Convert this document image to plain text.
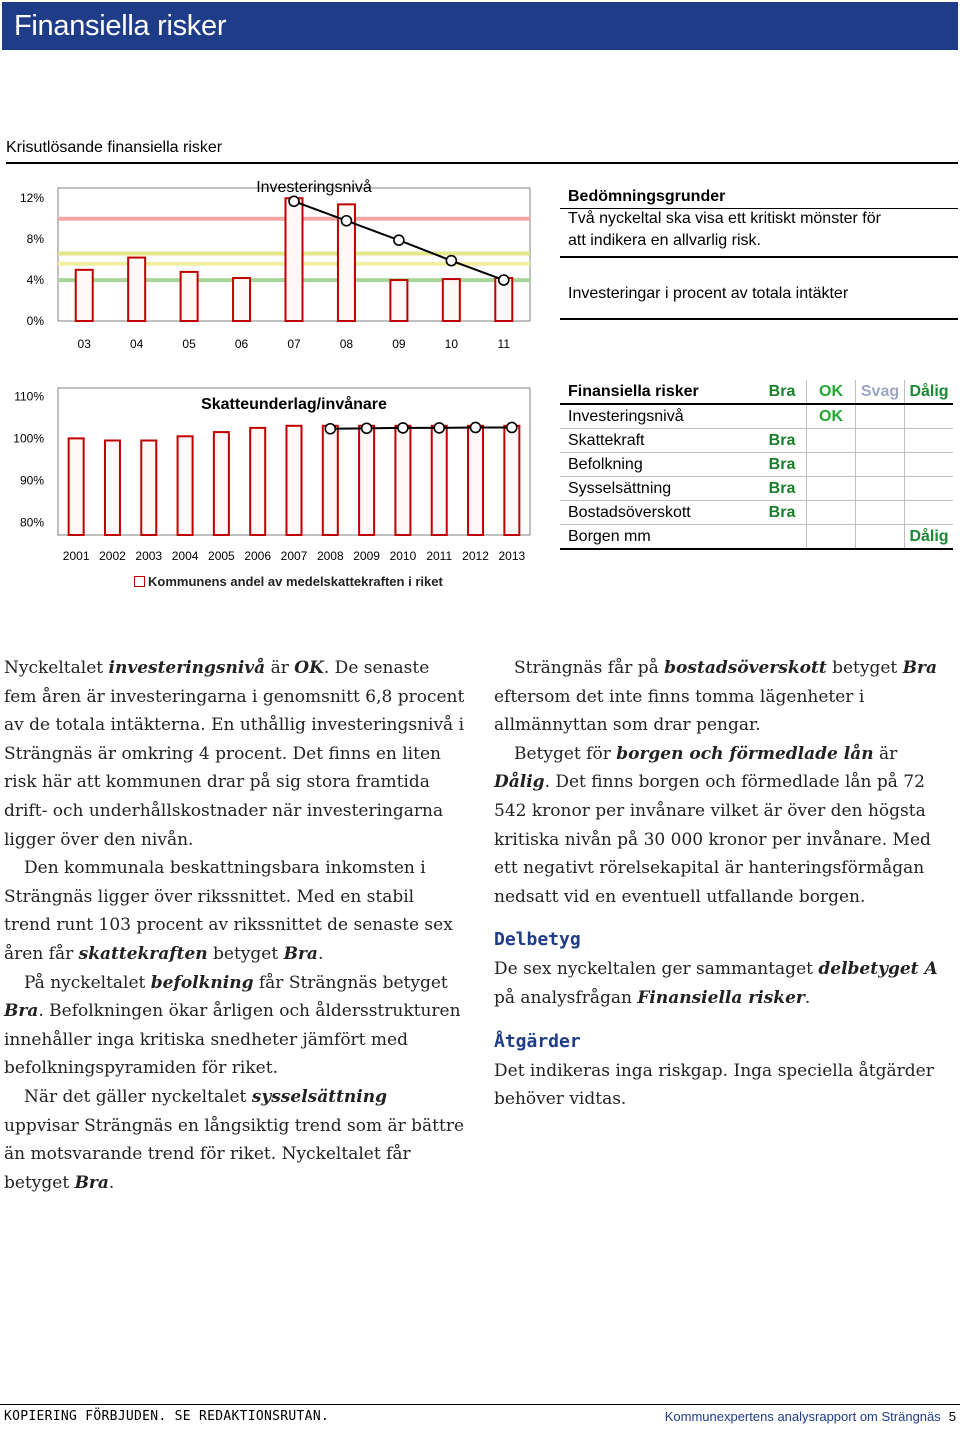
Finansiella risker
Krisutlösande finansiella risker
12%
8%
4%
0%
03	04	05	06	07	08	09	10	11
Investeringsnivå
Bedömningsgrunder
Två nyckeltal ska visa ett kritiskt mönster för
att indikera en allvarlig risk.
Investeringar i procent av totala intäkter
110%
100%
90%
80%
2001 2002 2003 2004 2005 2006 2007 2008 2009 2010 2011 2012 2013
Skatteunderlag/invånare
Kommunens andel av medelskattekraften i riket
Finansiella risker	Bra	OK	Svag	Dålig
Investeringsnivå		OK		
Skattekraft	Bra			
Befolkning	Bra			
Sysselsättning	Bra			
Bostadsöverskott	Bra			
Borgen mm				Dålig

Nyckeltalet investeringsnivå är OK. De senaste fem åren är investeringarna i genomsnitt 6,8 procent av de totala intäkterna. En uthållig investeringsnivå i Strängnäs är omkring 4 procent. Det finns en liten risk här att kommunen drar på sig stora framtida drift- och underhållskostnader när investeringarna ligger över den nivån.

Den kommunala beskattningsbara inkomsten i Strängnäs ligger över rikssnittet. Med en stabil trend runt 103 procent av rikssnittet de senaste sex åren får skattekraften betyget Bra.

På nyckeltalet befolkning får Strängnäs betyget Bra. Befolkningen ökar årligen och åldersstrukturen innehåller inga kritiska snedheter jämfört med befolkningspyramiden för riket.

När det gäller nyckeltalet sysselsättning uppvisar Strängnäs en långsiktig trend som är bättre än motsvarande trend för riket. Nyckeltalet får betyget Bra.

Strängnäs får på bostadsöverskott betyget Bra eftersom det inte finns tomma lägenheter i allmännyttan som drar pengar.

Betyget för borgen och förmedlade lån är Dålig. Det finns borgen och förmedlade lån på 72 542 kronor per invånare vilket är över den högsta kritiska nivån på 30 000 kronor per invånare. Med ett negativt rörelsekapital är hanteringsförmågan nedsatt vid en eventuell utfallande borgen.

Delbetyg

De sex nyckeltalen ger sammantaget delbetyget A på analysfrågan Finansiella risker.

Åtgärder

Det indikeras inga riskgap. Inga speciella åtgärder behöver vidtas.

KOPIERING FÖRBJUDEN. SE REDAKTIONSRUTAN.	Kommunexpertens analysrapport om Strängnäs 5
